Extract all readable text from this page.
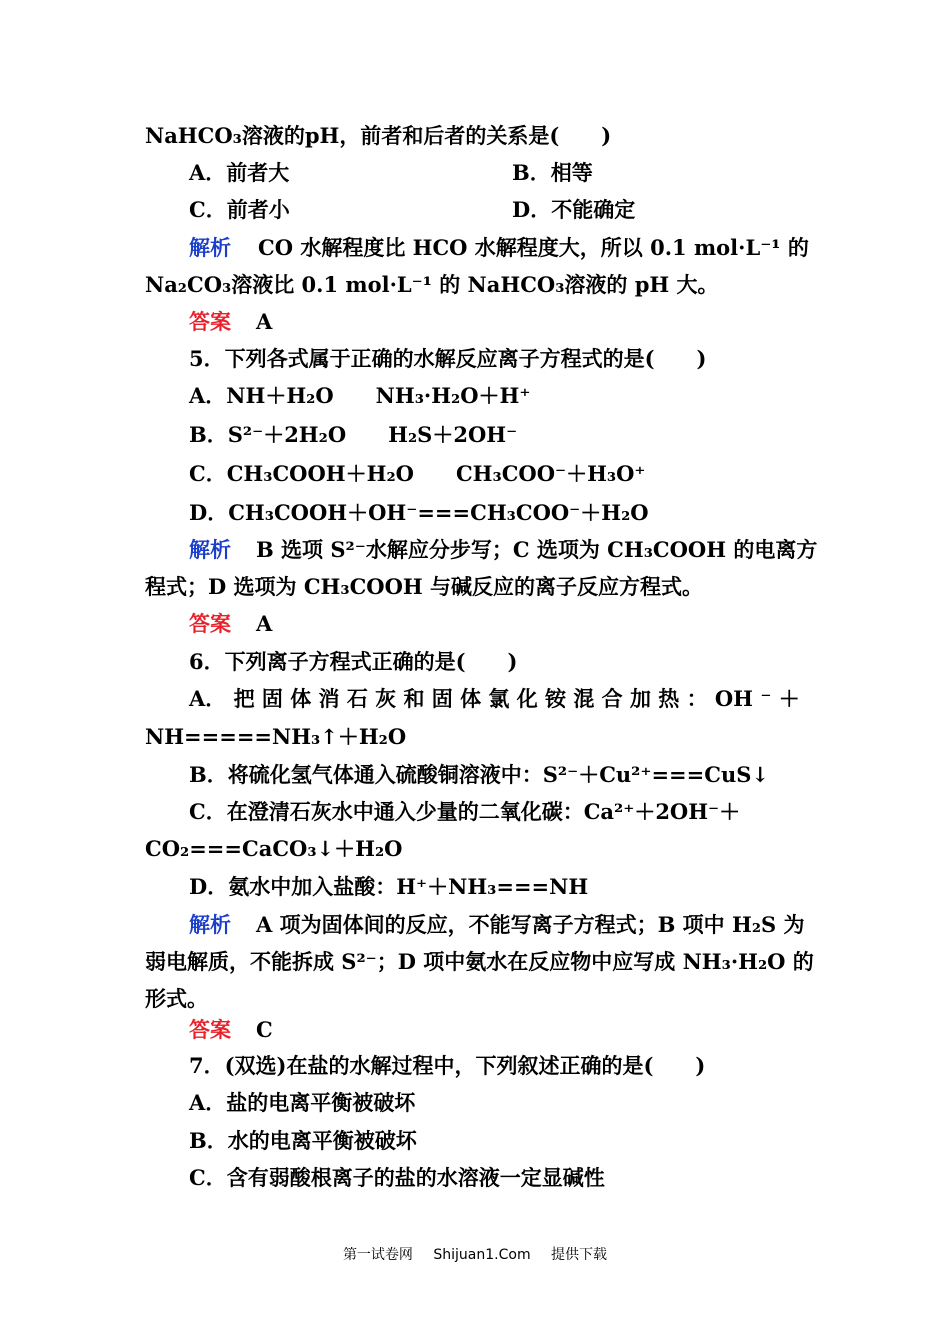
NaHCO₃溶液的pH，前者和后者的关系是(　　)
A．前者大	B．相等
C．前者小	D．不能确定
解析 CO 水解程度比 HCO 水解程度大，所以 0.1 mol·L⁻¹ 的
Na₂CO₃溶液比 0.1 mol·L⁻¹ 的 NaHCO₃溶液的 pH 大。
答案 A
5．下列各式属于正确的水解反应离子方程式的是(　　)
A．NH＋H₂O　　NH₃·H₂O＋H⁺
B．S²⁻＋2H₂O　　H₂S＋2OH⁻
C．CH₃COOH＋H₂O　　CH₃COO⁻＋H₃O⁺
D．CH₃COOH＋OH⁻===CH₃COO⁻＋H₂O
解析 B 选项 S²⁻水解应分步写；C 选项为 CH₃COOH 的电离方
程式；D 选项为 CH₃COOH 与碱反应的离子反应方程式。
答案 A
6．下列离子方程式正确的是(　　)
A． 把 固 体 消 石 灰 和 固 体 氯 化 铵 混 合 加 热 ： OH ⁻ ＋
NH=====NH₃↑＋H₂O
B．将硫化氢气体通入硫酸铜溶液中：S²⁻＋Cu²⁺===CuS↓
C．在澄清石灰水中通入少量的二氧化碳：Ca²⁺＋2OH⁻＋
CO₂===CaCO₃↓＋H₂O
D．氨水中加入盐酸：H⁺＋NH₃===NH
解析 A 项为固体间的反应，不能写离子方程式；B 项中 H₂S 为
弱电解质，不能拆成 S²⁻；D 项中氨水在反应物中应写成 NH₃·H₂O 的
形式。
答案 C
7．(双选)在盐的水解过程中，下列叙述正确的是(　　)
A．盐的电离平衡被破坏
B．水的电离平衡被破坏
C．含有弱酸根离子的盐的水溶液一定显碱性
第一试卷网 Shijuan1.Com 提供下载
